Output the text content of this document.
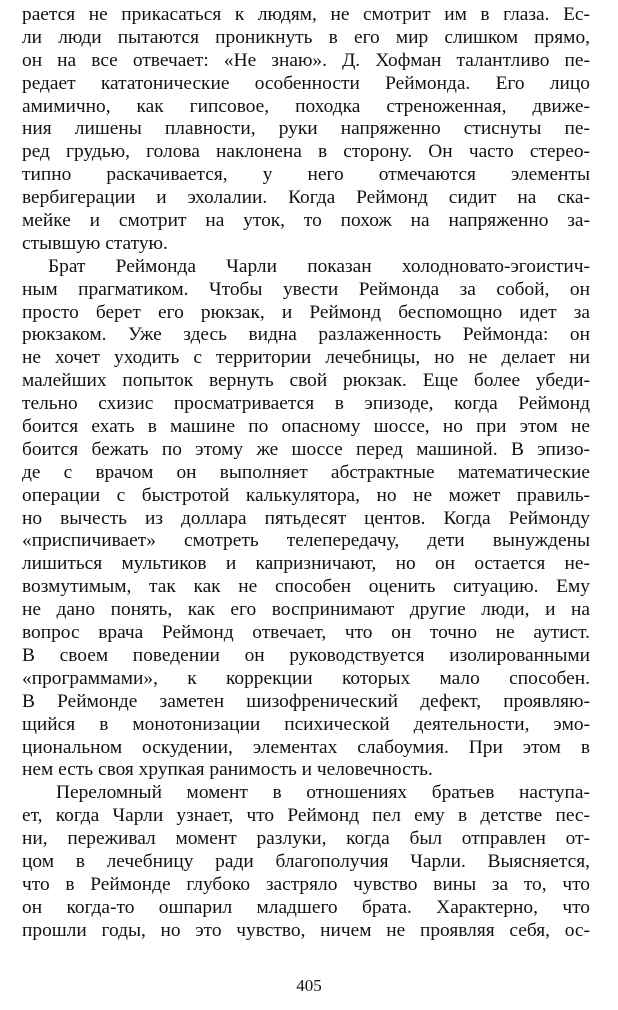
рается не прикасаться к людям, не смотрит им в глаза. Ес-
ли люди пытаются проникнуть в его мир слишком прямо,
он на все отвечает: «Не знаю». Д. Хофман талантливо пе-
редает кататонические особенности Реймонда. Его лицо
амимично, как гипсовое, походка стреноженная, движе-
ния лишены плавности, руки напряженно стиснуты пе-
ред грудью, голова наклонена в сторону. Он часто стерео-
типно раскачивается, у него отмечаются элементы
вербигерации и эхолалии. Когда Реймонд сидит на ска-
мейке и смотрит на уток, то похож на напряженно за-
стывшую статую.
Брат Реймонда Чарли показан холодновато-эгоистич-
ным прагматиком. Чтобы увести Реймонда за собой, он
просто берет его рюкзак, и Реймонд беспомощно идет за
рюкзаком. Уже здесь видна разлаженность Реймонда: он
не хочет уходить с территории лечебницы, но не делает ни
малейших попыток вернуть свой рюкзак. Еще более убеди-
тельно схизис просматривается в эпизоде, когда Реймонд
боится ехать в машине по опасному шоссе, но при этом не
боится бежать по этому же шоссе перед машиной. В эпизо-
де с врачом он выполняет абстрактные математические
операции с быстротой калькулятора, но не может правиль-
но вычесть из доллара пятьдесят центов. Когда Реймонду
«приспичивает» смотреть телепередачу, дети вынуждены
лишиться мультиков и капризничают, но он остается не-
возмутимым, так как не способен оценить ситуацию. Ему
не дано понять, как его воспринимают другие люди, и на
вопрос врача Реймонд отвечает, что он точно не аутист.
В своем поведении он руководствуется изолированными
«программами», к коррекции которых мало способен.
В Реймонде заметен шизофренический дефект, проявляю-
щийся в монотонизации психической деятельности, эмо-
циональном оскудении, элементах слабоумия. При этом в
нем есть своя хрупкая ранимость и человечность.
Переломный момент в отношениях братьев наступа-
ет, когда Чарли узнает, что Реймонд пел ему в детстве пес-
ни, переживал момент разлуки, когда был отправлен от-
цом в лечебницу ради благополучия Чарли. Выясняется,
что в Реймонде глубоко застряло чувство вины за то, что
он когда-то ошпарил младшего брата. Характерно, что
прошли годы, но это чувство, ничем не проявляя себя, ос-
405
